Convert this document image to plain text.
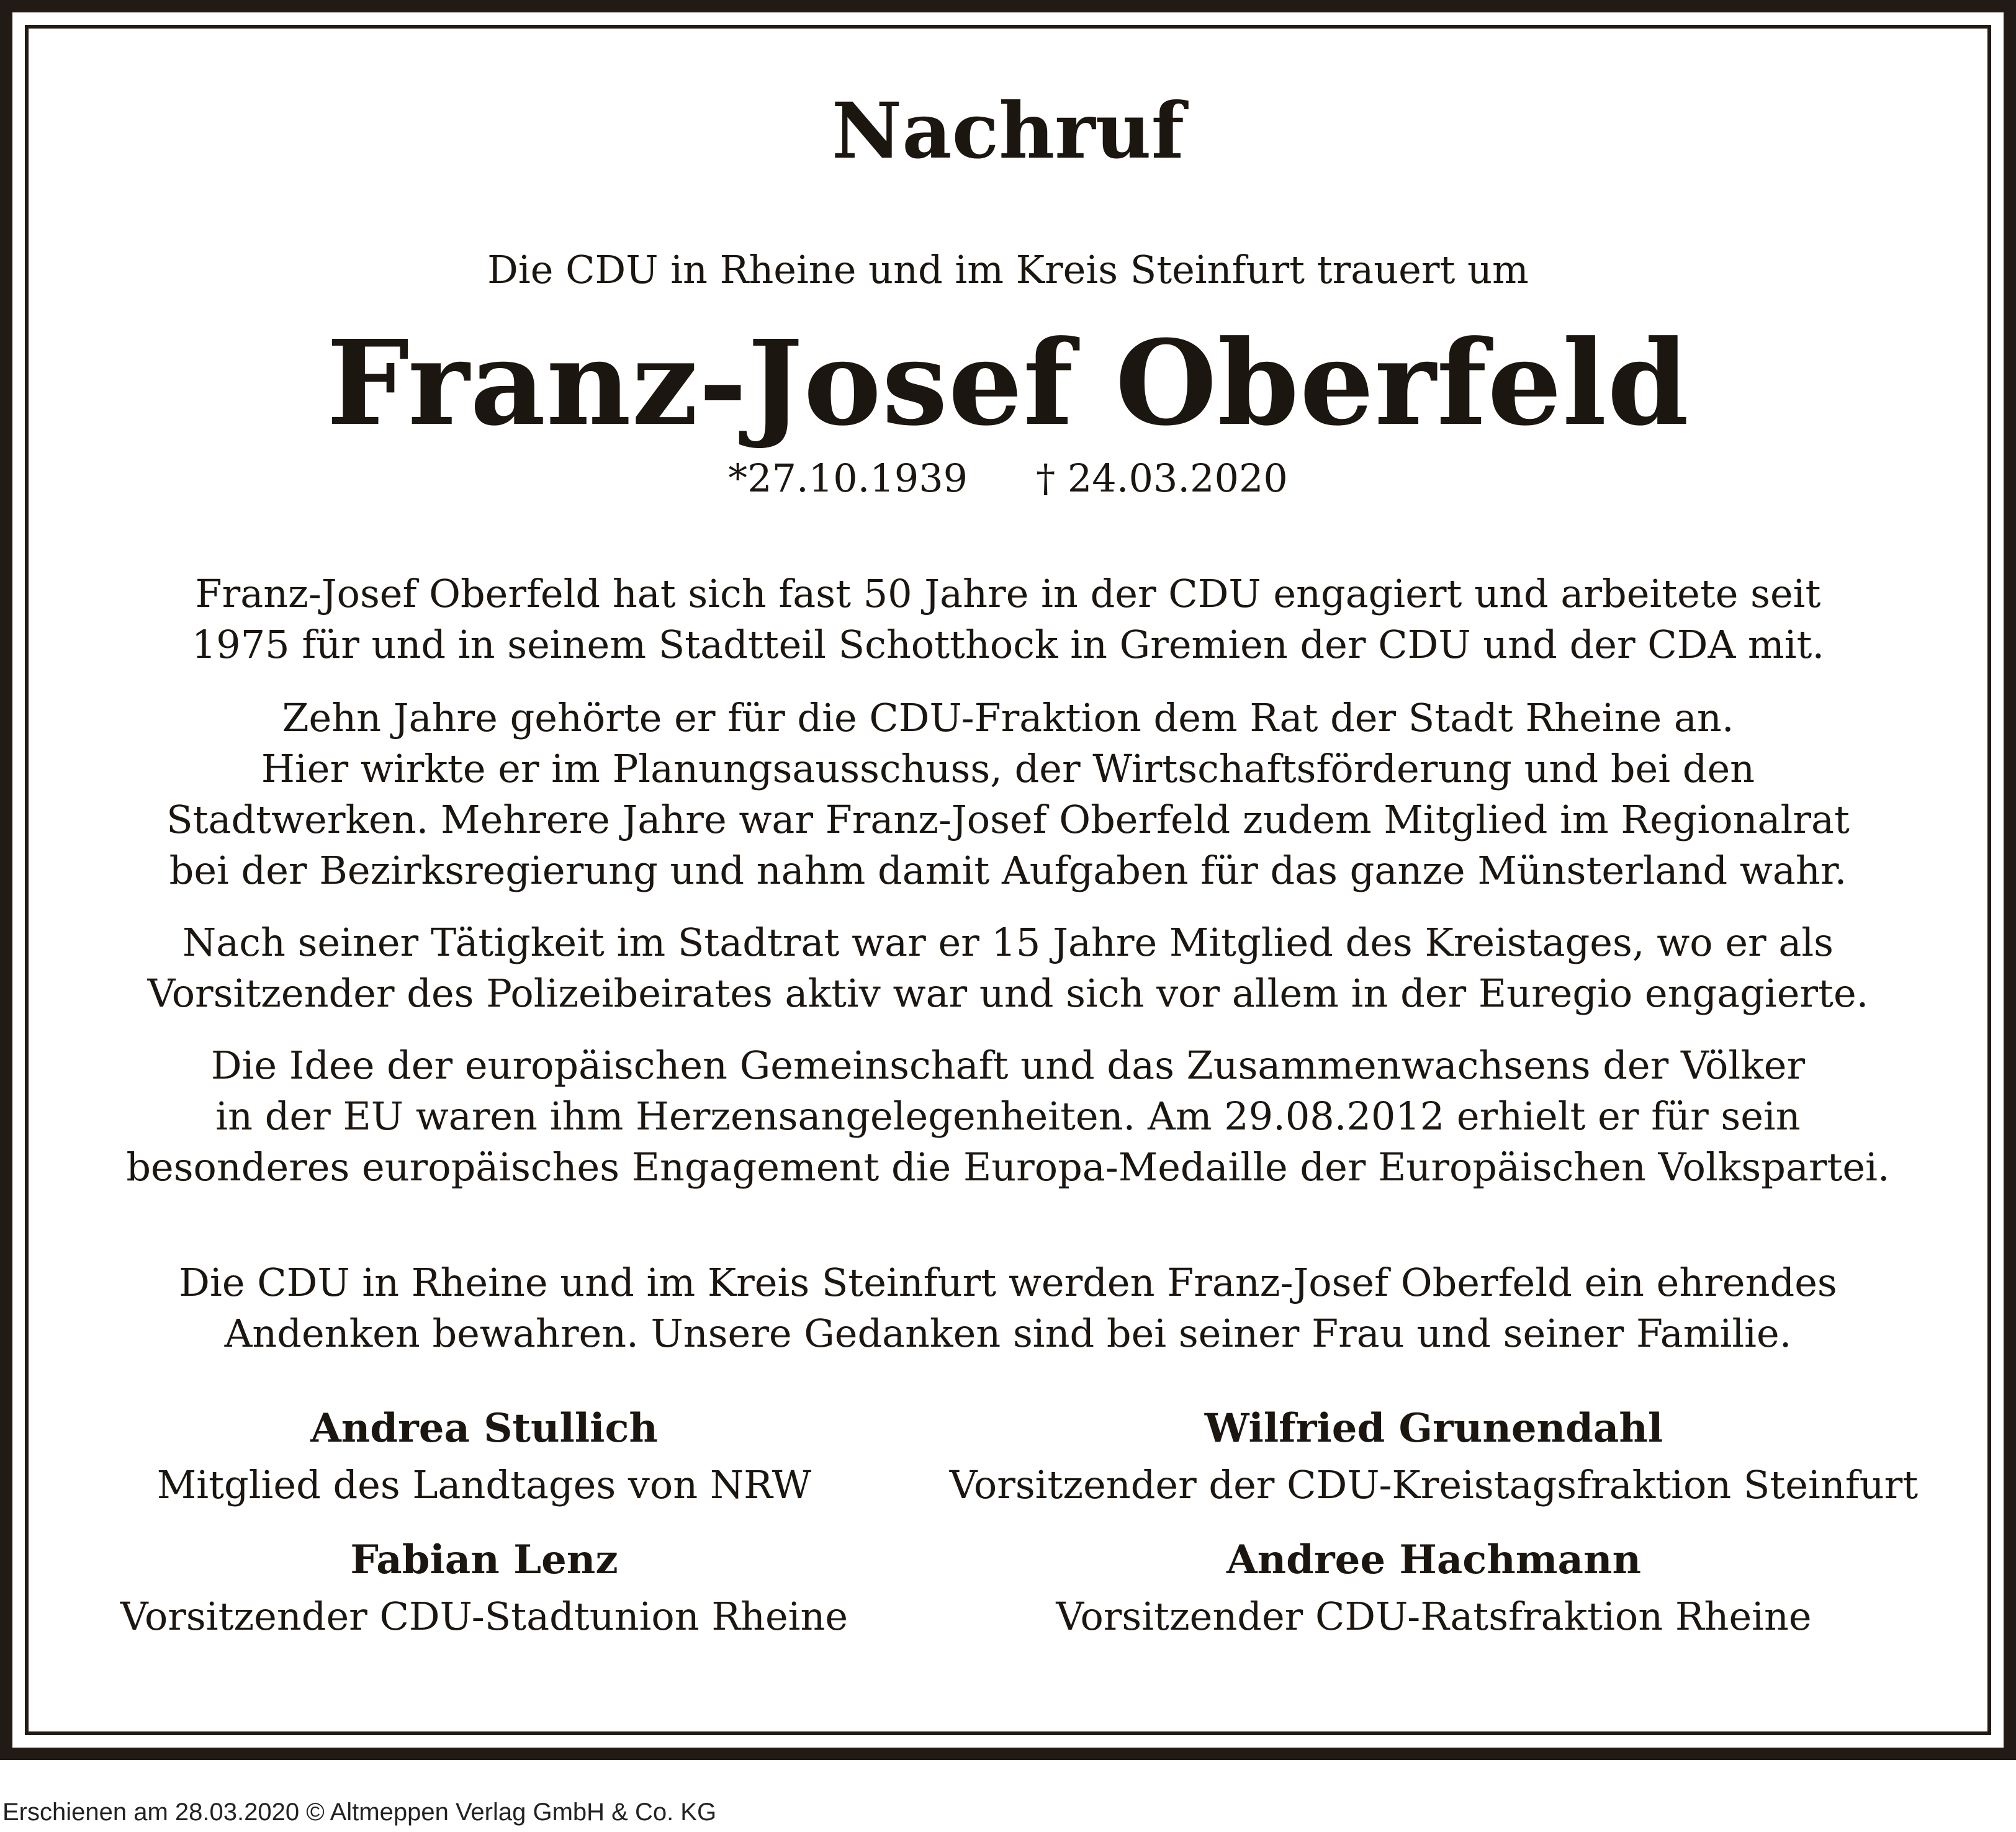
Nachruf

Die CDU in Rheine und im Kreis Steinfurt trauert um

Franz-Josef Oberfeld

*27.10.1939 † 24.03.2020

Franz-Josef Oberfeld hat sich fast 50 Jahre in der CDU engagiert und arbeitete seit
1975 für und in seinem Stadtteil Schotthock in Gremien der CDU und der CDA mit.
Zehn Jahre gehörte er für die CDU-Fraktion dem Rat der Stadt Rheine an.
Hier wirkte er im Planungsausschuss, der Wirtschaftsförderung und bei den
Stadtwerken. Mehrere Jahre war Franz-Josef Oberfeld zudem Mitglied im Regionalrat
bei der Bezirksregierung und nahm damit Aufgaben für das ganze Münsterland wahr.
Nach seiner Tätigkeit im Stadtrat war er 15 Jahre Mitglied des Kreistages, wo er als
Vorsitzender des Polizeibeirates aktiv war und sich vor allem in der Euregio engagierte.
Die Idee der europäischen Gemeinschaft und das Zusammenwachsens der Völker
in der EU waren ihm Herzensangelegenheiten. Am 29.08.2012 erhielt er für sein
besonderes europäisches Engagement die Europa-Medaille der Europäischen Volkspartei.
Die CDU in Rheine und im Kreis Steinfurt werden Franz-Josef Oberfeld ein ehrendes
Andenken bewahren. Unsere Gedanken sind bei seiner Frau und seiner Familie.
Andrea Stullich
Mitglied des Landtages von NRW
Wilfried Grunendahl
Vorsitzender der CDU-Kreistagsfraktion Steinfurt
Fabian Lenz
Vorsitzender CDU-Stadtunion Rheine
Andree Hachmann
Vorsitzender CDU-Ratsfraktion Rheine
Erschienen am 28.03.2020 © Altmeppen Verlag GmbH & Co. KG
